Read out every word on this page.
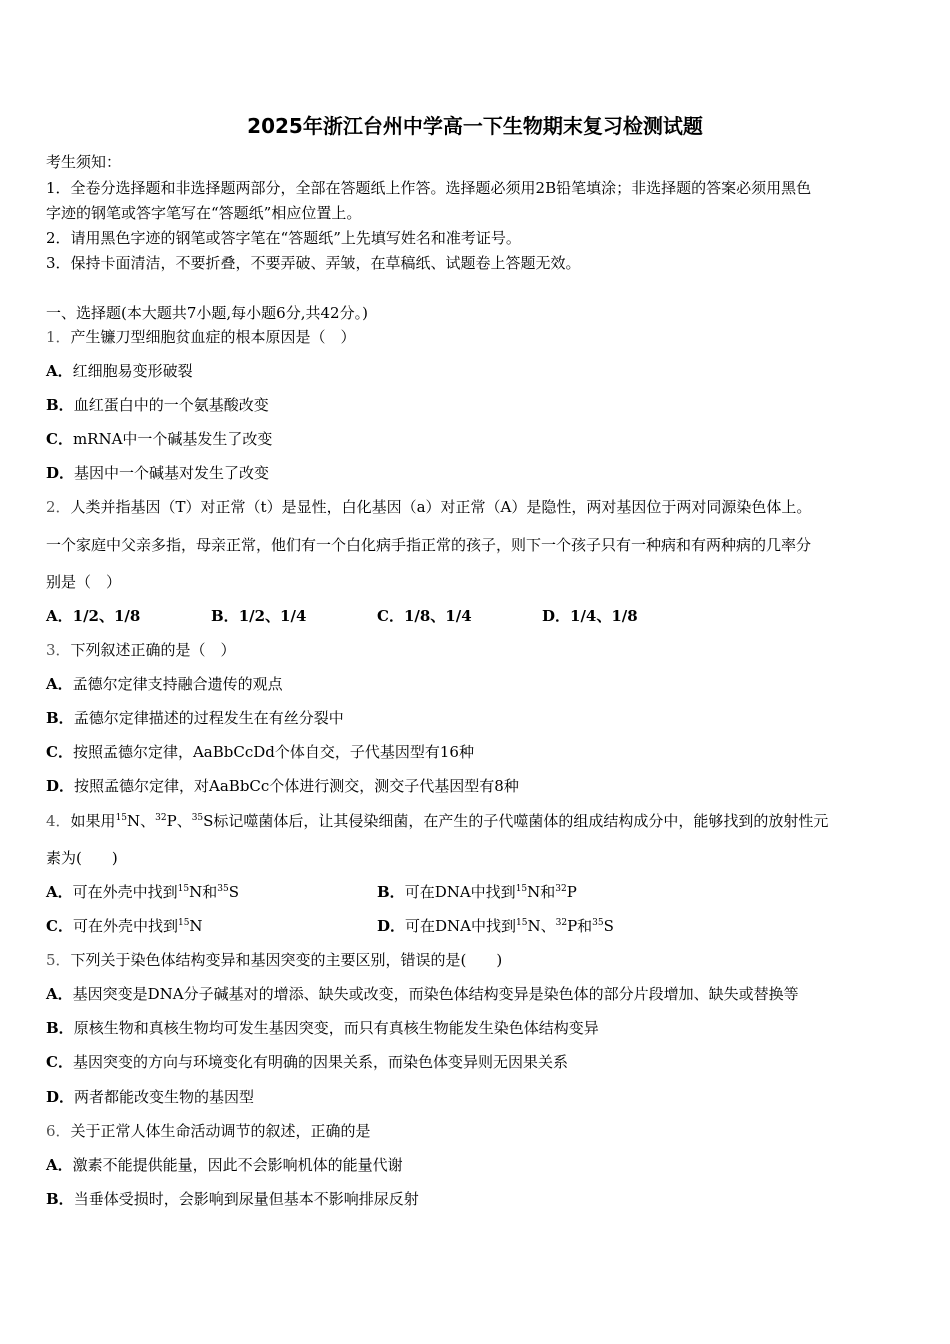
2025年浙江台州中学高一下生物期末复习检测试题
考生须知：
1．全卷分选择题和非选择题两部分，全部在答题纸上作答。选择题必须用2B铅笔填涂；非选择题的答案必须用黑色
字迹的钢笔或答字笔写在“答题纸”相应位置上。
2．请用黑色字迹的钢笔或答字笔在“答题纸”上先填写姓名和准考证号。
3．保持卡面清洁，不要折叠，不要弄破、弄皱，在草稿纸、试题卷上答题无效。
一、选择题(本大题共7小题,每小题6分,共42分。)
1．产生镰刀型细胞贫血症的根本原因是（　）
A．红细胞易变形破裂
B．血红蛋白中的一个氨基酸改变
C．mRNA中一个碱基发生了改变
D．基因中一个碱基对发生了改变
2．人类并指基因（T）对正常（t）是显性，白化基因（a）对正常（A）是隐性，两对基因位于两对同源染色体上。
一个家庭中父亲多指，母亲正常，他们有一个白化病手指正常的孩子，则下一个孩子只有一种病和有两种病的几率分
别是（　）
A．1/2、1/8	B．1/2、1/4	C．1/8、1/4	D．1/4、1/8
3．下列叙述正确的是（　）
A．孟德尔定律支持融合遗传的观点
B．孟德尔定律描述的过程发生在有丝分裂中
C．按照孟德尔定律，AaBbCcDd个体自交，子代基因型有16种
D．按照孟德尔定律，对AaBbCc个体进行测交，测交子代基因型有8种
4．如果用$^{15}$N、$^{32}$P、$^{35}$S标记噬菌体后，让其侵染细菌，在产生的子代噬菌体的组成结构成分中，能够找到的放射性元
素为(　　)
A．可在外壳中找到$^{15}$N和$^{35}$S	B．可在DNA中找到$^{15}$N和$^{32}$P
C．可在外壳中找到$^{15}$N	D．可在DNA中找到$^{15}$N、$^{32}$P和$^{35}$S
5．下列关于染色体结构变异和基因突变的主要区别，错误的是(　　)
A．基因突变是DNA分子碱基对的增添、缺失或改变，而染色体结构变异是染色体的部分片段增加、缺失或替换等
B．原核生物和真核生物均可发生基因突变，而只有真核生物能发生染色体结构变异
C．基因突变的方向与环境变化有明确的因果关系，而染色体变异则无因果关系
D．两者都能改变生物的基因型
6．关于正常人体生命活动调节的叙述，正确的是
A．激素不能提供能量，因此不会影响机体的能量代谢
B．当垂体受损时，会影响到尿量但基本不影响排尿反射
